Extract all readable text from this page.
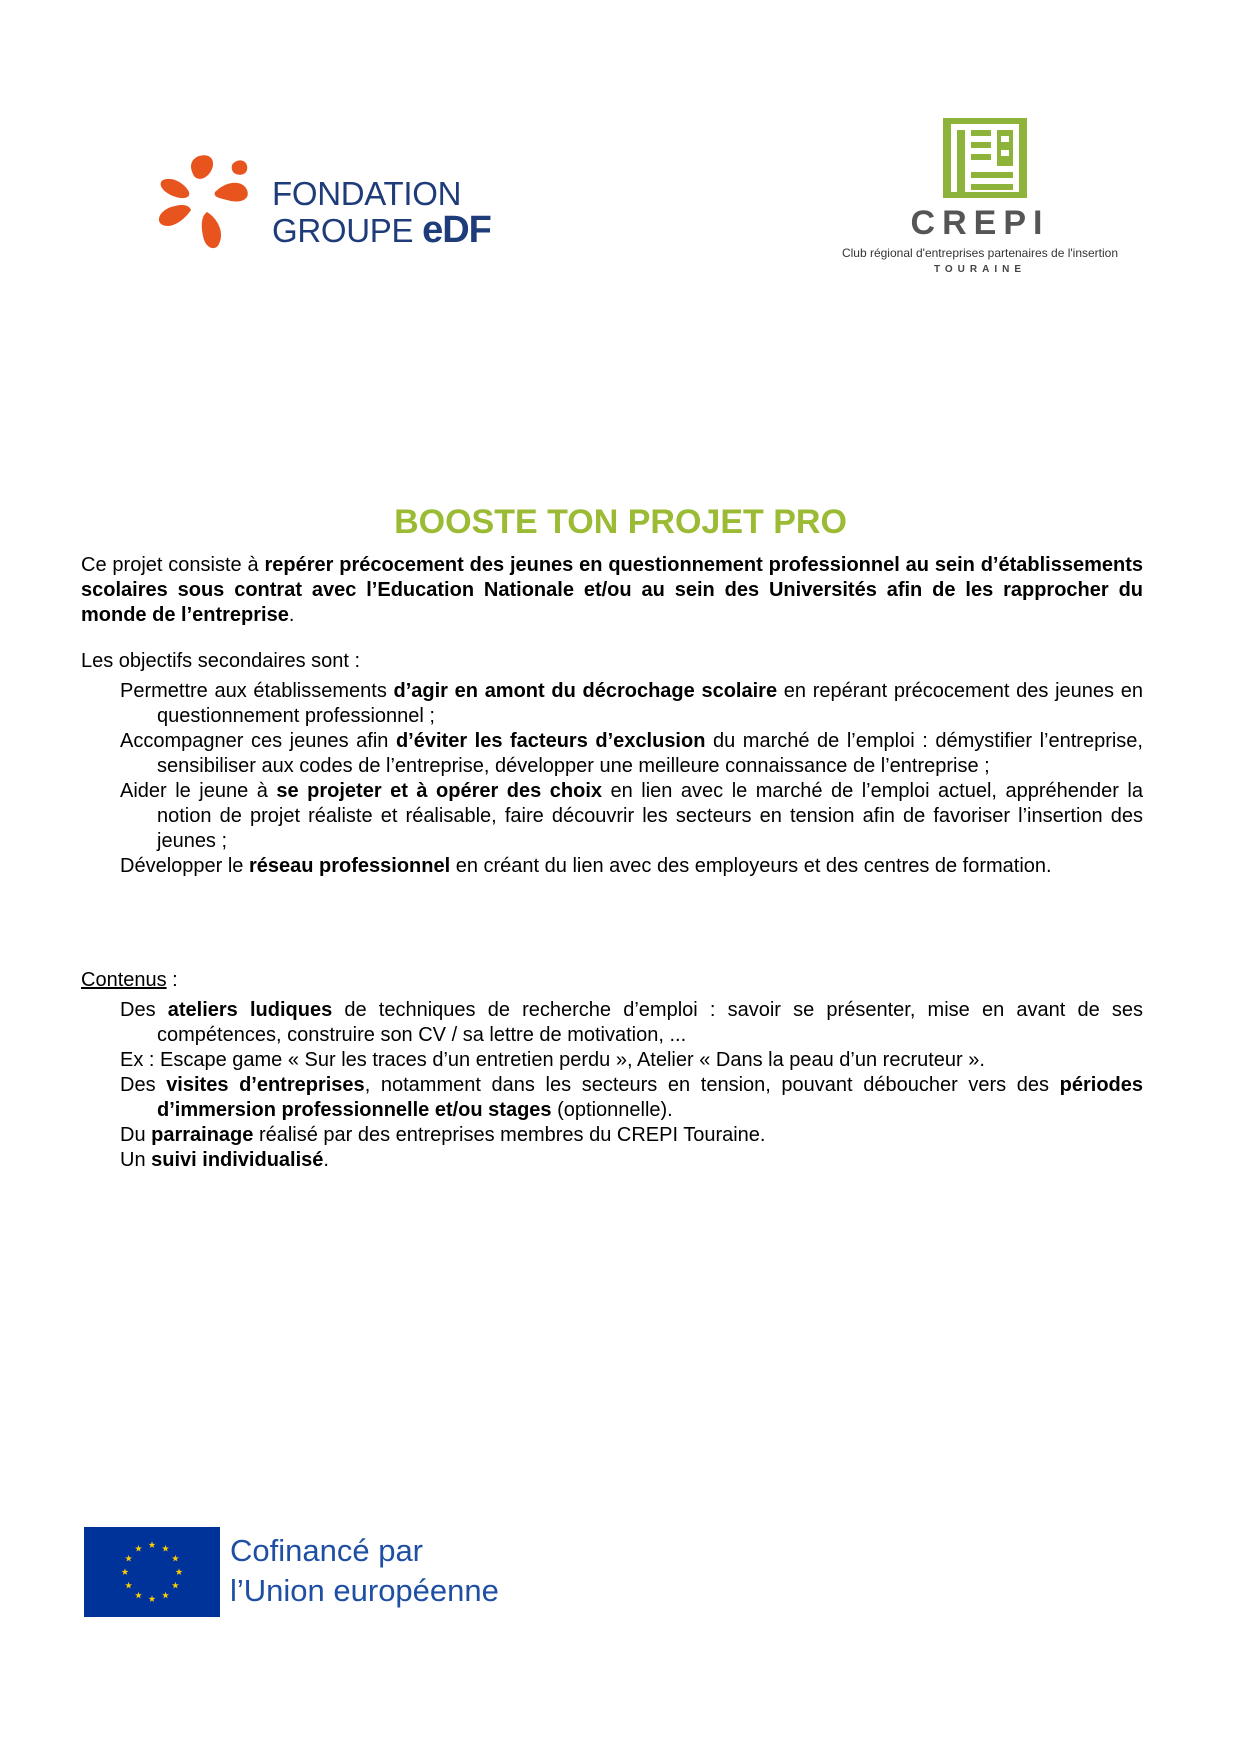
FONDATION
GROUPE eDF	CREPI
Club régional d'entreprises partenaires de l'insertion
TOURAINE
BOOSTE TON PROJET PRO
Ce projet consiste à repérer précocement des jeunes en questionnement professionnel au sein d’établissements scolaires sous contrat avec l’Education Nationale et/ou au sein des Universités afin de les rapprocher du monde de l’entreprise.
Les objectifs secondaires sont :
Permettre aux établissements d’agir en amont du décrochage scolaire en repérant précocement des jeunes en questionnement professionnel ;
Accompagner ces jeunes afin d’éviter les facteurs d’exclusion du marché de l’emploi : démystifier l’entreprise, sensibiliser aux codes de l’entreprise, développer une meilleure connaissance de l’entreprise ;
Aider le jeune à se projeter et à opérer des choix en lien avec le marché de l’emploi actuel, appréhender la notion de projet réaliste et réalisable, faire découvrir les secteurs en tension afin de favoriser l’insertion des jeunes ;
Développer le réseau professionnel en créant du lien avec des employeurs et des centres de formation.
Contenus :
Des ateliers ludiques de techniques de recherche d’emploi : savoir se présenter, mise en avant de ses compétences, construire son CV / sa lettre de motivation, ...
Ex : Escape game « Sur les traces d’un entretien perdu », Atelier « Dans la peau d’un recruteur ».
Des visites d’entreprises, notamment dans les secteurs en tension, pouvant déboucher vers des périodes d’immersion professionnelle et/ou stages (optionnelle).
Du parrainage réalisé par des entreprises membres du CREPI Touraine.
Un suivi individualisé.
Cofinancé par
l’Union européenne
